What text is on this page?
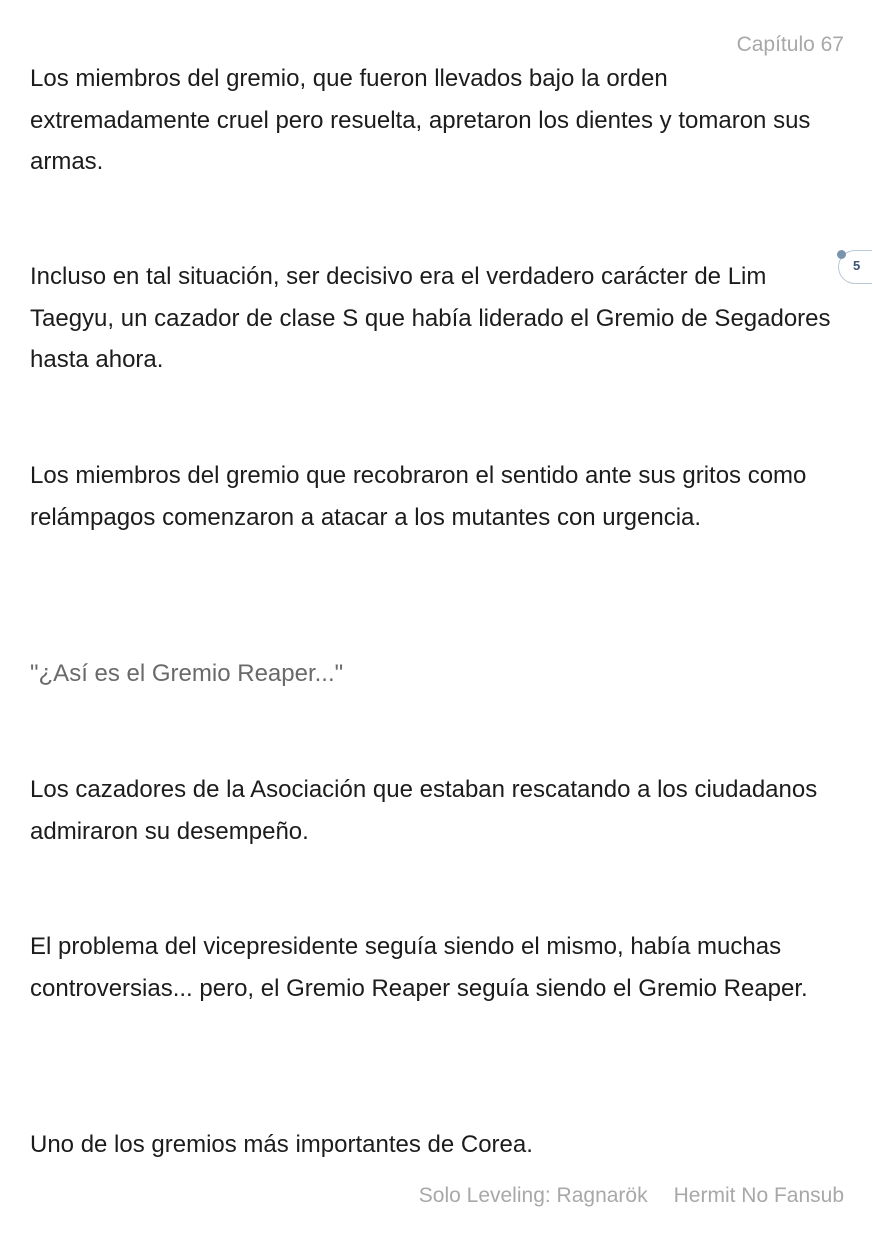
Capítulo 67

Los miembros del gremio, que fueron llevados bajo la orden extremadamente cruel pero resuelta, apretaron los dientes y tomaron sus armas.

Incluso en tal situación, ser decisivo era el verdadero carácter de Lim Taegyu, un cazador de clase S que había liderado el Gremio de Segadores hasta ahora.

5

Los miembros del gremio que recobraron el sentido ante sus gritos como relámpagos comenzaron a atacar a los mutantes con urgencia.

"¿Así es el Gremio Reaper..."

Los cazadores de la Asociación que estaban rescatando a los ciudadanos admiraron su desempeño.

El problema del vicepresidente seguía siendo el mismo, había muchas controversias... pero, el Gremio Reaper seguía siendo el Gremio Reaper.

Uno de los gremios más importantes de Corea.

Solo Leveling: Ragnarök Hermit No Fansub
